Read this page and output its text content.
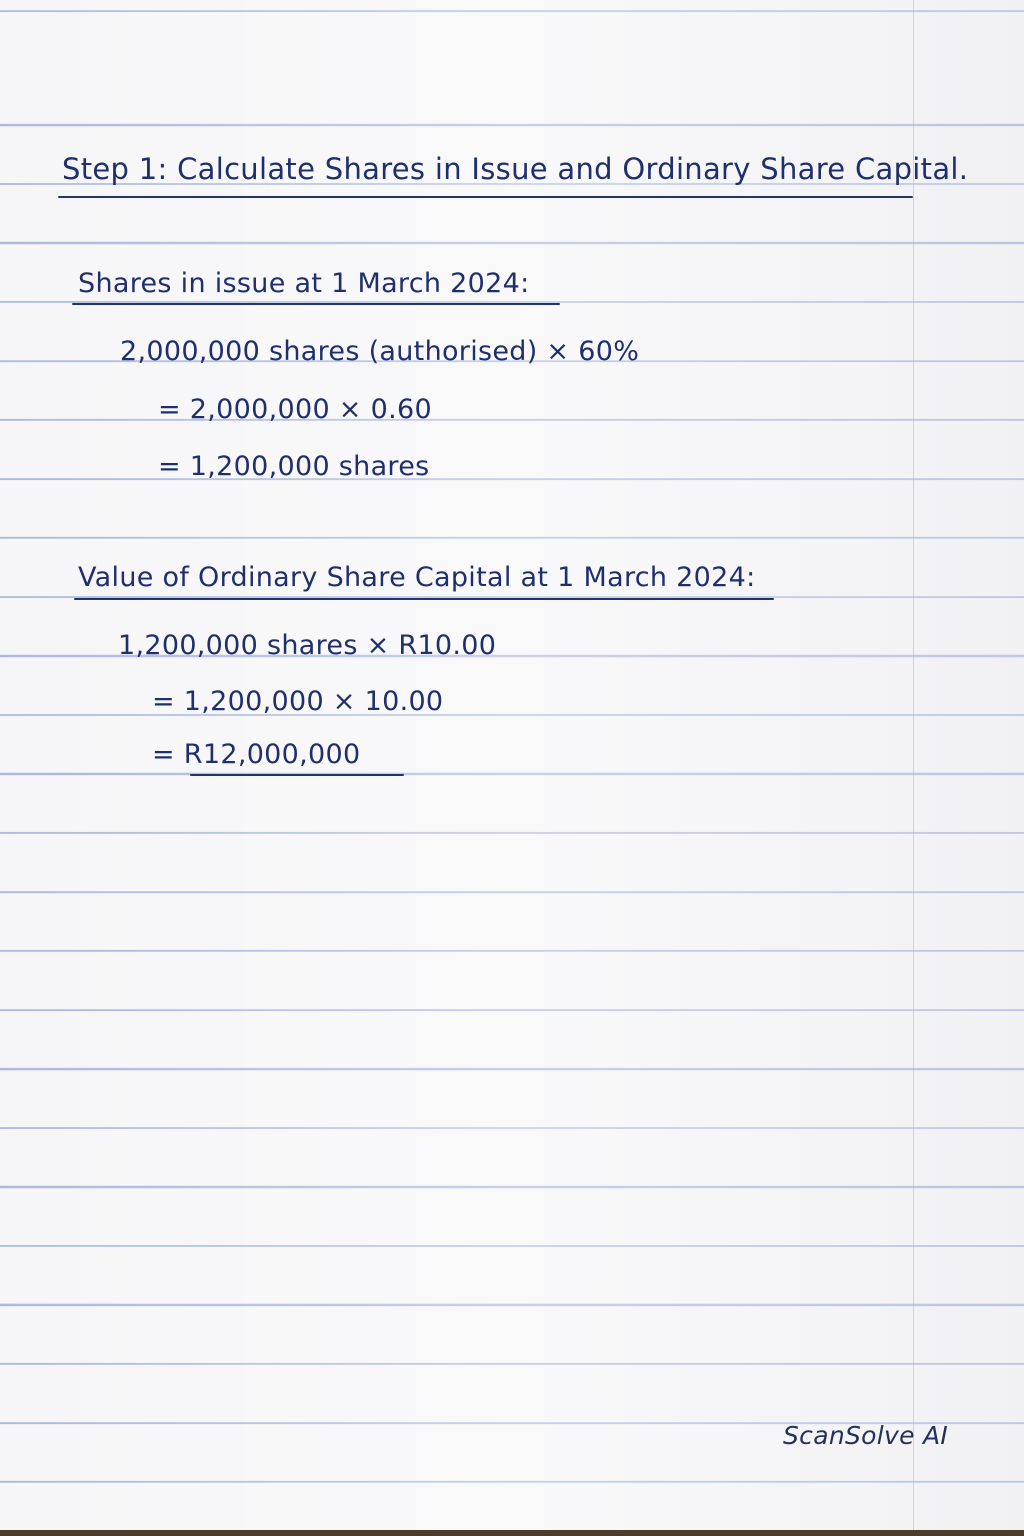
Step 1: Calculate Shares in Issue and Ordinary Share Capital.
Shares in issue at 1 March 2024:
2,000,000 shares (authorised) × 60%
= 2,000,000 × 0.60
= 1,200,000 shares
Value of Ordinary Share Capital at 1 March 2024:
1,200,000 shares × R10.00
= 1,200,000 × 10.00
= R12,000,000
ScanSolve AI
